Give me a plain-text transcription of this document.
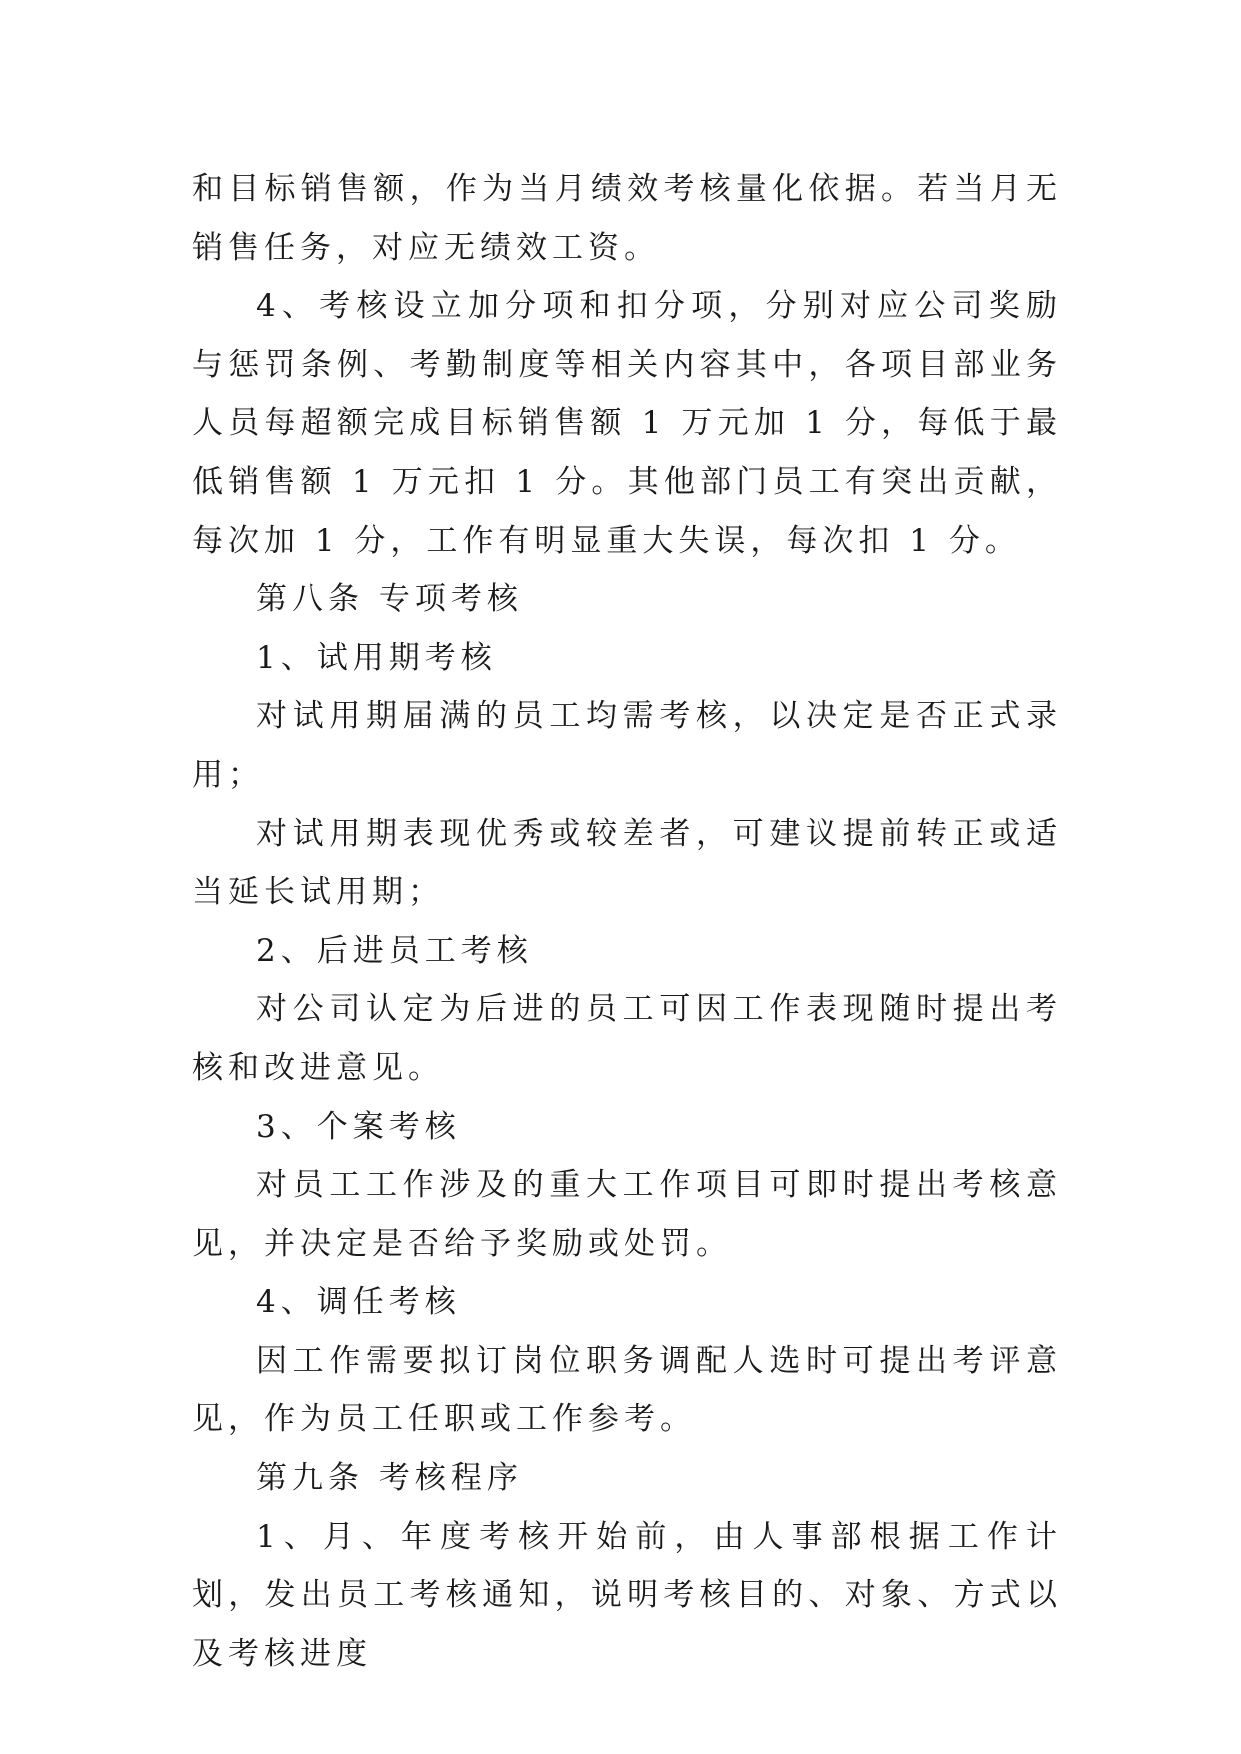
和目标销售额，作为当月绩效考核量化依据。若当月无销售任务，对应无绩效工资。

4、考核设立加分项和扣分项，分别对应公司奖励与惩罚条例、考勤制度等相关内容其中，各项目部业务人员每超额完成目标销售额 1 万元加 1 分，每低于最低销售额 1 万元扣 1 分。其他部门员工有突出贡献，每次加 1 分，工作有明显重大失误，每次扣 1 分。

第八条 专项考核

1、试用期考核

对试用期届满的员工均需考核，以决定是否正式录用；

对试用期表现优秀或较差者，可建议提前转正或适当延长试用期；

2、后进员工考核

对公司认定为后进的员工可因工作表现随时提出考核和改进意见。

3、个案考核

对员工工作涉及的重大工作项目可即时提出考核意见，并决定是否给予奖励或处罚。

4、调任考核

因工作需要拟订岗位职务调配人选时可提出考评意见，作为员工任职或工作参考。

第九条 考核程序

1、月、年度考核开始前，由人事部根据工作计划，发出员工考核通知，说明考核目的、对象、方式以及考核进度
